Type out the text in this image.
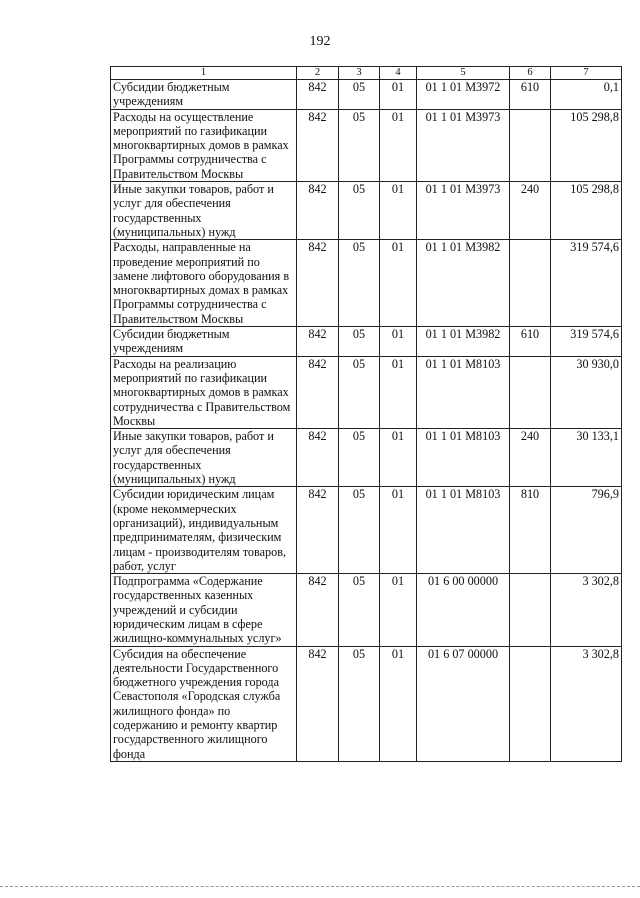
192
1	2	3	4	5	6	7
Субсидии бюджетным учреждениям	842	05	01	01 1 01 М3972	610	0,1
Расходы на осуществление мероприятий по газификации многоквартирных домов в рамках Программы сотрудничества с Правительством Москвы	842	05	01	01 1 01 М3973		105 298,8
Иные закупки товаров, работ и услуг для обеспечения государственных (муниципальных) нужд	842	05	01	01 1 01 М3973	240	105 298,8
Расходы, направленные на проведение мероприятий по замене лифтового оборудования в многоквартирных домах в рамках Программы сотрудничества с Правительством Москвы	842	05	01	01 1 01 М3982		319 574,6
Субсидии бюджетным учреждениям	842	05	01	01 1 01 М3982	610	319 574,6
Расходы на реализацию мероприятий по газификации многоквартирных домов в рамках сотрудничества с Правительством Москвы	842	05	01	01 1 01 М8103		30 930,0
Иные закупки товаров, работ и услуг для обеспечения государственных (муниципальных) нужд	842	05	01	01 1 01 М8103	240	30 133,1
Субсидии юридическим лицам (кроме некоммерческих организаций), индивидуальным предпринимателям, физическим лицам - производителям товаров, работ, услуг	842	05	01	01 1 01 М8103	810	796,9
Подпрограмма «Содержание государственных казенных учреждений и субсидии юридическим лицам в сфере жилищно-коммунальных услуг»	842	05	01	01 6 00 00000		3 302,8
Субсидия на обеспечение деятельности Государственного бюджетного учреждения города Севастополя «Городская служба жилищного фонда» по содержанию и ремонту квартир государственного жилищного фонда	842	05	01	01 6 07 00000		3 302,8
